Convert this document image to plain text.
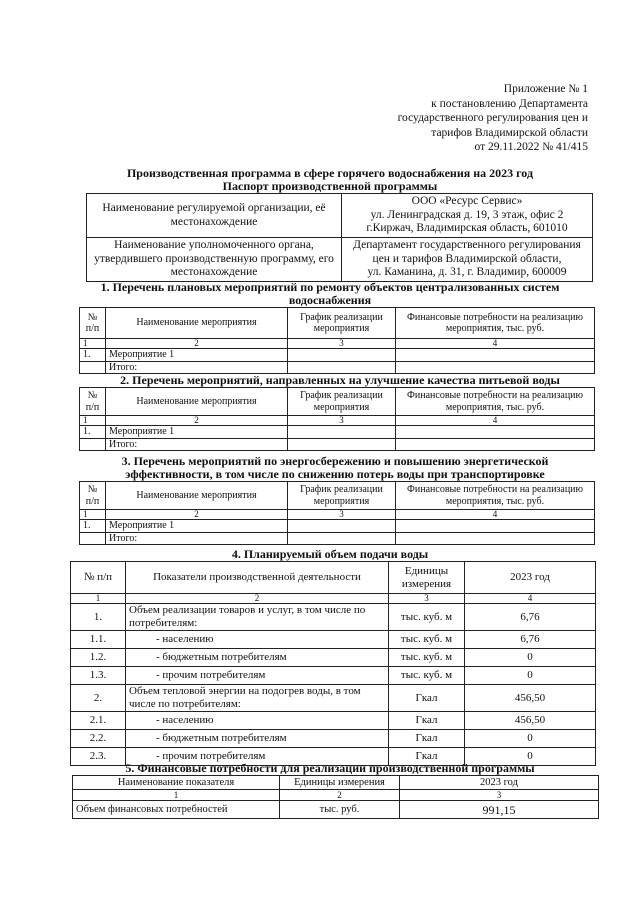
Приложение № 1
к постановлению Департамента
государственного регулирования цен и
тарифов Владимирской области
от 29.11.2022 № 41/415
Производственная программа в сфере горячего водоснабжения на 2023 год
Паспорт производственной программы
Наименование регулируемой организации, её местонахождение	ООО «Ресурс Сервис»
ул. Ленинградская д. 19, 3 этаж, офис 2
г.Киржач, Владимирская область, 601010

Наименование уполномоченного органа, утвердившего производственную программу, его местонахождение	Департамент государственного регулирования
цен и тарифов Владимирской области,
ул. Каманина, д. 31, г. Владимир, 600009
1. Перечень плановых мероприятий по ремонту объектов централизованных систем водоснабжения
№ п/п	Наименование мероприятия	График реализации мероприятия	Финансовые потребности на реализацию мероприятия, тыс. руб.
1	2	3	4
1.	Мероприятие 1		
	Итого:		
2. Перечень мероприятий, направленных на улучшение качества питьевой воды
№ п/п	Наименование мероприятия	График реализации мероприятия	Финансовые потребности на реализацию мероприятия, тыс. руб.
1	2	3	4
1.	Мероприятие 1		
	Итого:		
3. Перечень мероприятий по энергосбережению и повышению энергетической эффективности, в том числе по снижению потерь воды при транспортировке
№ п/п	Наименование мероприятия	График реализации мероприятия	Финансовые потребности на реализацию мероприятия, тыс. руб.
1	2	3	4
1.	Мероприятие 1		
	Итого:		
4. Планируемый объем подачи воды
№ п/п	Показатели производственной деятельности	Единицы измерения	2023 год
1	2	3	4
1.	Объем реализации товаров и услуг, в том числе по потребителям:	тыс. куб. м	6,76
1.1.	- населению	тыс. куб. м	6,76
1.2.	- бюджетным потребителям	тыс. куб. м	0
1.3.	- прочим потребителям	тыс. куб. м	0
2.	Объем тепловой энергии на подогрев воды, в том числе по потребителям:	Гкал	456,50
2.1.	- населению	Гкал	456,50
2.2.	- бюджетным потребителям	Гкал	0
2.3.	- прочим потребителям	Гкал	0
5. Финансовые потребности для реализации производственной программы
Наименование показателя	Единицы измерения	2023 год
1	2	3
Объем финансовых потребностей	тыс. руб.	991,15
